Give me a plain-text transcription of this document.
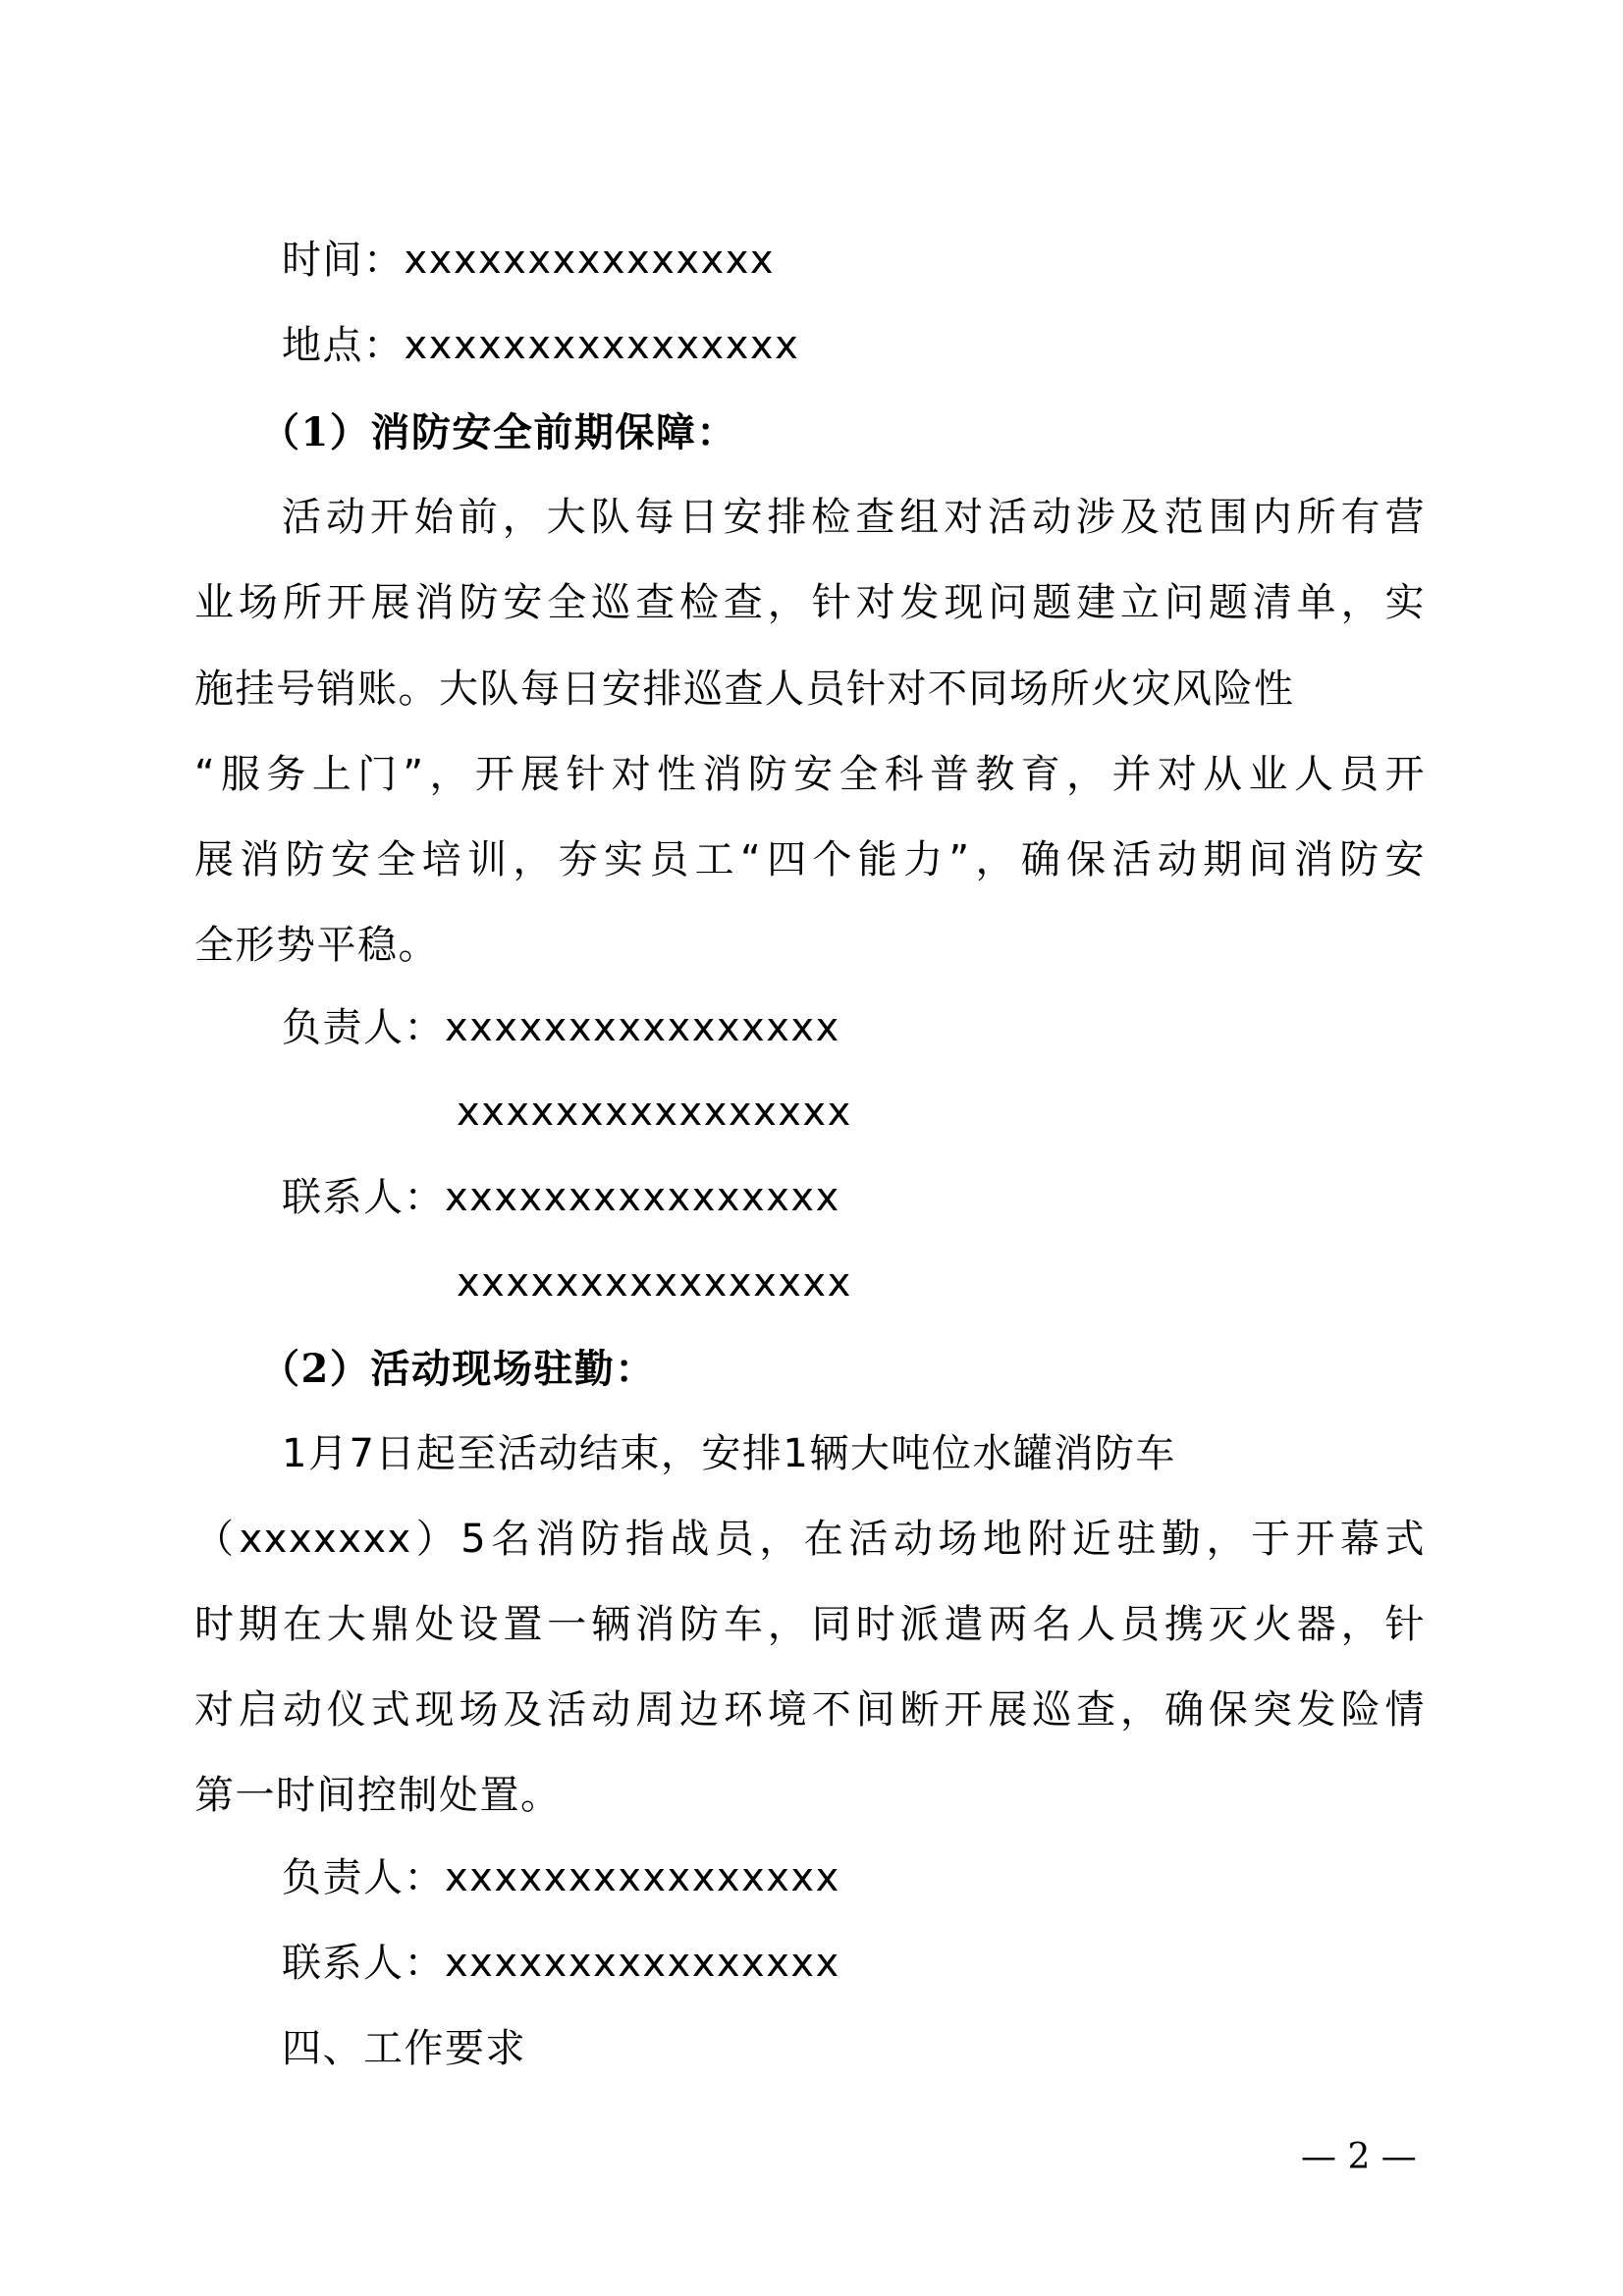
时间：xxxxxxxxxxxxxxx
地点：xxxxxxxxxxxxxxxx
（1）消防安全前期保障：
活动开始前，大队每日安排检查组对活动涉及范围内所有营
业场所开展消防安全巡查检查，针对发现问题建立问题清单，实
施挂号销账。大队每日安排巡查人员针对不同场所火灾风险性
“服务上门”，开展针对性消防安全科普教育，并对从业人员开
展消防安全培训，夯实员工“四个能力”，确保活动期间消防安
全形势平稳。
负责人：xxxxxxxxxxxxxxxx
xxxxxxxxxxxxxxxx
联系人：xxxxxxxxxxxxxxxx
xxxxxxxxxxxxxxxx
（2）活动现场驻勤：
1月7日起至活动结束，安排1辆大吨位水罐消防车
（xxxxxxx）5名消防指战员，在活动场地附近驻勤，于开幕式
时期在大鼎处设置一辆消防车，同时派遣两名人员携灭火器，针
对启动仪式现场及活动周边环境不间断开展巡查，确保突发险情
第一时间控制处置。
负责人：xxxxxxxxxxxxxxxx
联系人：xxxxxxxxxxxxxxxx
四、工作要求
— 2 —
